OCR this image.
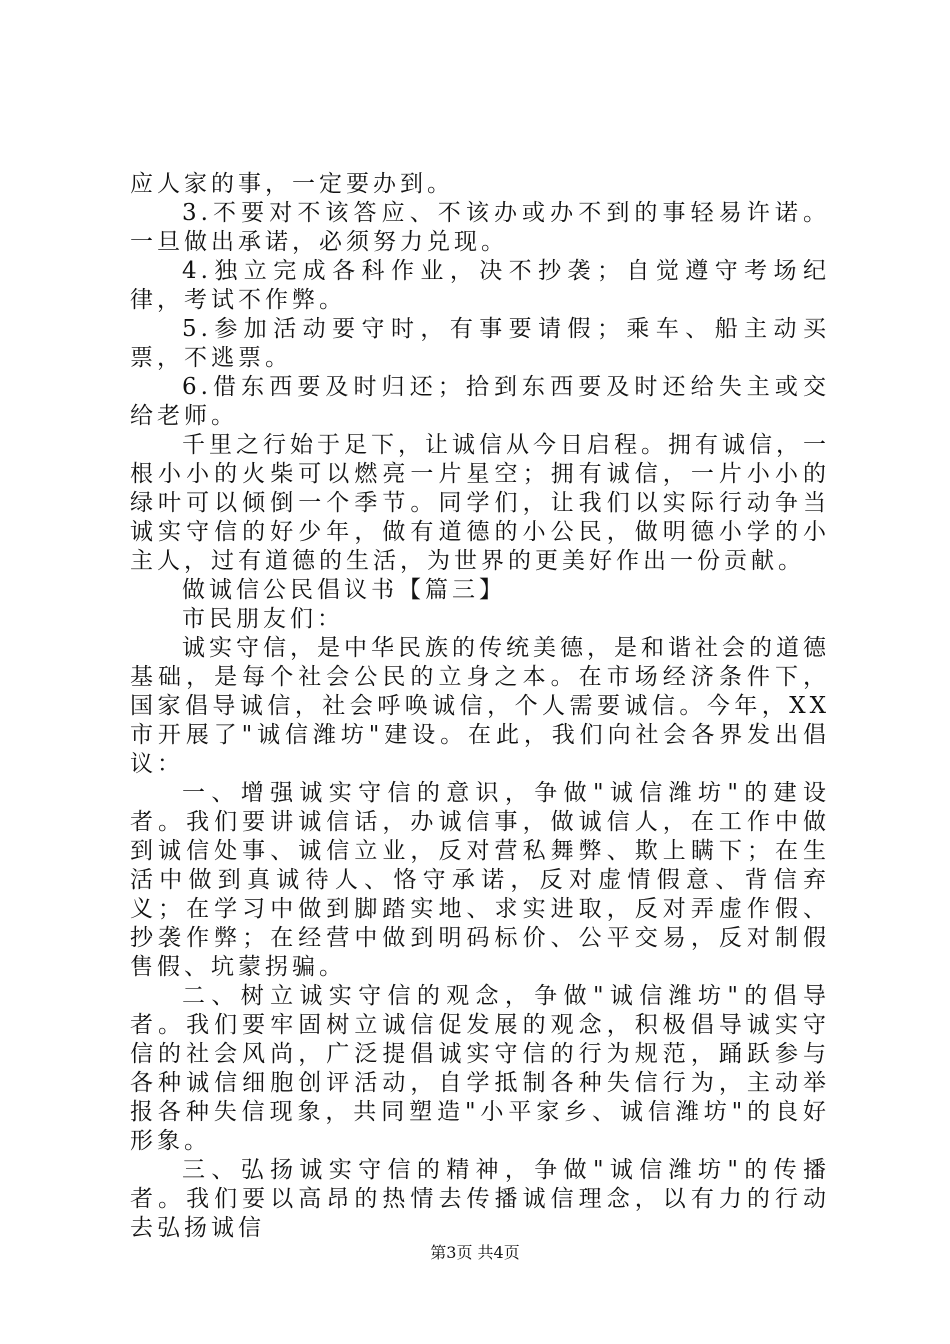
应人家的事，一定要办到。

3.不要对不该答应、不该办或办不到的事轻易许诺。一旦做出承诺，必须努力兑现。

4.独立完成各科作业，决不抄袭；自觉遵守考场纪律，考试不作弊。

5.参加活动要守时，有事要请假；乘车、船主动买票，不逃票。

6.借东西要及时归还；拾到东西要及时还给失主或交给老师。

千里之行始于足下，让诚信从今日启程。拥有诚信，一根小小的火柴可以燃亮一片星空；拥有诚信，一片小小的绿叶可以倾倒一个季节。同学们，让我们以实际行动争当诚实守信的好少年，做有道德的小公民，做明德小学的小主人，过有道德的生活，为世界的更美好作出一份贡献。

做诚信公民倡议书【篇三】

市民朋友们：

诚实守信，是中华民族的传统美德，是和谐社会的道德基础，是每个社会公民的立身之本。在市场经济条件下，国家倡导诚信，社会呼唤诚信，个人需要诚信。今年，XX市开展了"诚信潍坊"建设。在此，我们向社会各界发出倡议：

一、增强诚实守信的意识，争做"诚信潍坊"的建设者。我们要讲诚信话，办诚信事，做诚信人，在工作中做到诚信处事、诚信立业，反对营私舞弊、欺上瞒下；在生活中做到真诚待人、恪守承诺，反对虚情假意、背信弃义；在学习中做到脚踏实地、求实进取，反对弄虚作假、抄袭作弊；在经营中做到明码标价、公平交易，反对制假售假、坑蒙拐骗。

二、树立诚实守信的观念，争做"诚信潍坊"的倡导者。我们要牢固树立诚信促发展的观念，积极倡导诚实守信的社会风尚，广泛提倡诚实守信的行为规范，踊跃参与各种诚信细胞创评活动，自学抵制各种失信行为，主动举报各种失信现象，共同塑造"小平家乡、诚信潍坊"的良好形象。

三、弘扬诚实守信的精神，争做"诚信潍坊"的传播者。我们要以高昂的热情去传播诚信理念，以有力的行动去弘扬诚信

第3页 共4页
